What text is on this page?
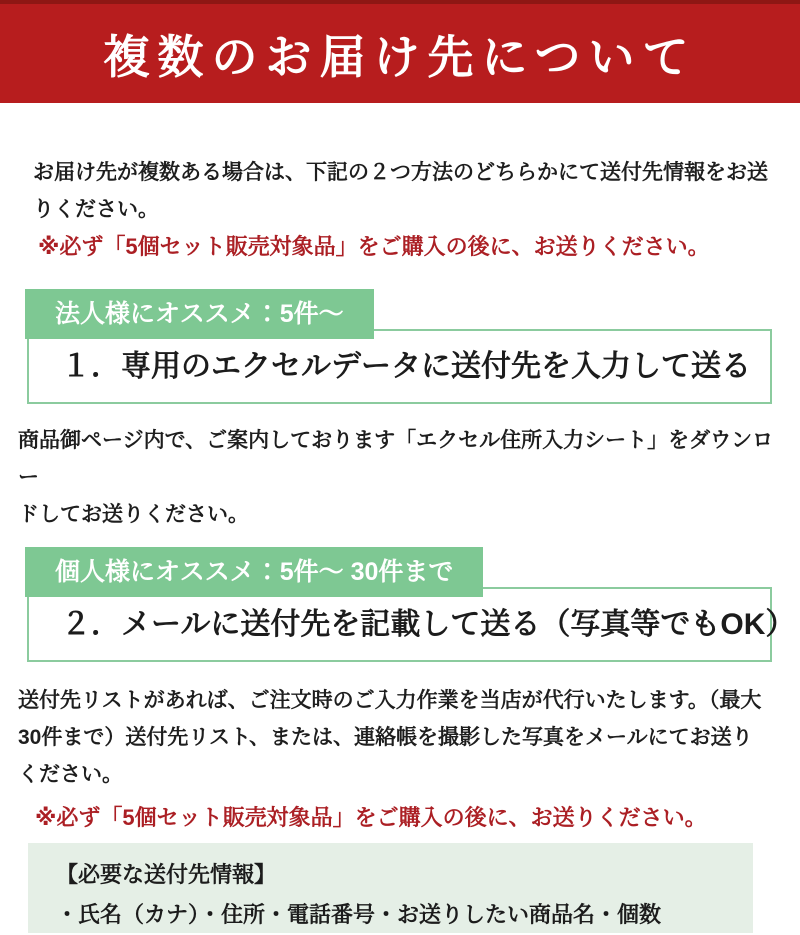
複数のお届け先について
お届け先が複数ある場合は、下記の２つ方法のどちらかにて送付先情報をお送
りください。
※必ず「5個セット販売対象品」をご購入の後に、お送りください。
法人様にオススメ：5件〜
１．専用のエクセルデータに送付先を入力して送る
商品御ページ内で、ご案内しております「エクセル住所入力シート」をダウンロー
ドしてお送りください。
個人様にオススメ：5件〜 30件まで
２．メールに送付先を記載して送る（写真等でもOK）
送付先リストがあれば、ご注文時のご入力作業を当店が代行いたします。（最大
30件まで）送付先リスト、または、連絡帳を撮影した写真をメールにてお送り
ください。
※必ず「5個セット販売対象品」をご購入の後に、お送りください。
【必要な送付先情報】
・氏名（カナ）・住所・電話番号・お送りしたい商品名・個数
